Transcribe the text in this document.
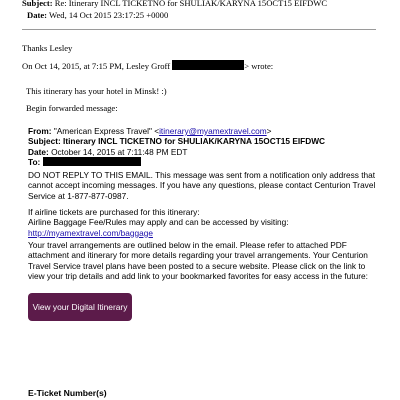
Subject: Re: Itinerary INCL TICKETNO for SHULIAK/KARYNA 15OCT15 EIFDWC
Date: Wed, 14 Oct 2015 23:17:25 +0000
Thanks Lesley
On Oct 14, 2015, at 7:15 PM, Lesley Groff	> wrote:
This itinerary has your hotel in Minsk! :)
Begin forwarded message:
From: "American Express Travel" <itinerary@myamextravel.com>
Subject: Itinerary INCL TICKETNO for SHULIAK/KARYNA 15OCT15 EIFDWC
Date: October 14, 2015 at 7:11:48 PM EDT
To:
DO NOT REPLY TO THIS EMAIL. This message was sent from a notification only address that cannot accept incoming messages. If you have any questions, please contact Centurion Travel Service at 1-877-877-0987.
If airline tickets are purchased for this itinerary:
Airline Baggage Fee/Rules may apply and can be accessed by visiting:
http://myamextravel.com/baggage
Your travel arrangements are outlined below in the email. Please refer to attached PDF attachment and itinerary for more details regarding your travel arrangements. Your Centurion Travel Service travel plans have been posted to a secure website. Please click on the link to view your trip details and add link to your bookmarked favorites for easy access in the future:
View your Digital Itinerary
E-Ticket Number(s)
